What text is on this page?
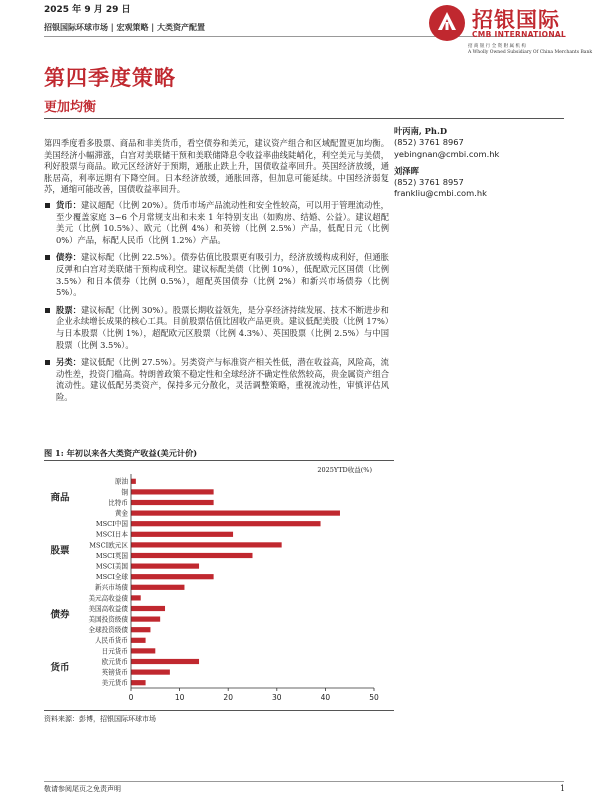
2025 年 9 月 29 日
招银国际环球市场 | 宏观策略 | 大类资产配置	招银国际
CMB INTERNATIONAL
招 商 银 行 全 资 附 属 机 构
A Wholly Owned Subsidiary Of China Merchants Bank
第四季度策略
更加均衡

第四季度看多股票、商品和非美货币，看空债券和美元，建议资产组合和区域配置更加均衡。美国经济小幅滞涨，白宫对美联储干预和美联储降息令收益率曲线陡峭化，利空美元与美债，利好股票与商品。欧元区经济好于预期，通胀止跌上升，国债收益率回升。英国经济放缓，通胀居高，利率远期有下降空间。日本经济放缓，通胀回落，但加息可能延续。中国经济弱复苏，通缩可能改善，国债收益率回升。

货币：建议超配（比例 20%）。货币市场产品流动性和安全性较高，可以用于管理流动性，至少覆盖家庭 3~6 个月常规支出和未来 1 年特别支出（如购房、结婚、公益）。建议超配美元（比例 10.5%）、欧元（比例 4%）和英镑（比例 2.5%）产品，低配日元（比例 0%）产品，标配人民币（比例 1.2%）产品。
债券：建议标配（比例 22.5%）。债券估值比股票更有吸引力，经济放缓构成利好，但通胀反弹和白宫对美联储干预构成利空。建议标配美债（比例 10%），低配欧元区国债（比例 3.5%）和日本债券（比例 0.5%），超配英国债券（比例 2%）和新兴市场债券（比例 5%）。
股票：建议标配（比例 30%）。股票长期收益领先，是分享经济持续发展、技术不断进步和企业永续增长成果的核心工具。目前股票估值比固收产品更贵。建议低配美股（比例 17%）与日本股票（比例 1%），超配欧元区股票（比例 4.3%）、英国股票（比例 2.5%）与中国股票（比例 3.5%）。
另类：建议低配（比例 27.5%）。另类资产与标准资产相关性低，潜在收益高，风险高，流动性差，投资门槛高。特朗普政策不稳定性和全球经济不确定性依然较高，贵金属资产组合流动性。建议低配另类资产，保持多元分散化，灵活调整策略，重视流动性，审慎评估风险。
叶丙南, Ph.D
(852) 3761 8967
yebingnan@cmbi.com.hk
刘泽晖
(852) 3761 8957
frankliu@cmbi.com.hk
图 1: 年初以来各大类资产收益(美元计价)
2025YTD收益(%)
原油
铜
比特币
黄金
MSCI中国
MSCI日本
MSCI欧元区
MSCI英国
MSCI美国
MSCI全球
新兴市场债
美元高收益债
美国高收益债
美国投资级债
全球投资级债
人民币货币
日元货币
欧元货币
英镑货币
美元货币
0	10	20	30	40	50
商品
股票
债券
货币
资料来源：彭博，招银国际环球市场
敬请参阅尾页之免责声明	1
